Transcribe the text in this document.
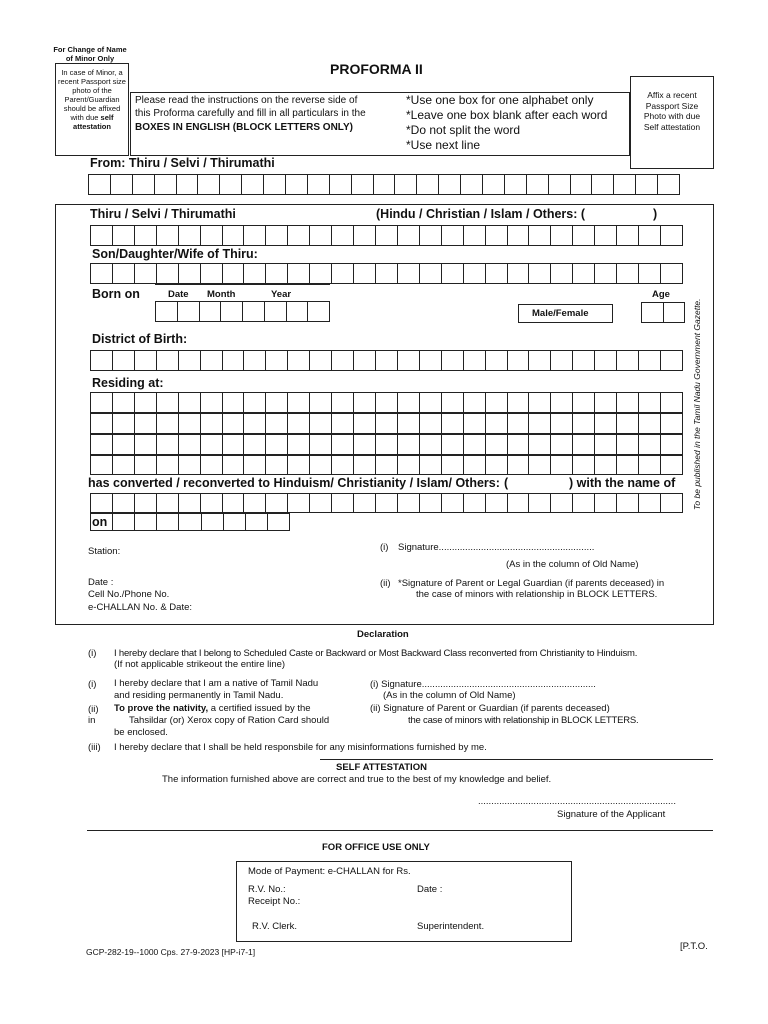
For Change of Name of Minor Only
In case of Minor, a recent Passport size photo of the Parent/Guardian should be affixed with due self attestation
PROFORMA II
Please read the instructions on the reverse side of
this Proforma carefully and fill in all particulars in the
BOXES IN ENGLISH (BLOCK LETTERS ONLY)
*Use one box for one alphabet only
*Leave one box blank after each word
*Do not split the word
*Use next line
Affix a recent Passport Size Photo with due Self attestation
From: Thiru / Selvi / Thirumathi
Thiru / Selvi / Thirumathi	(Hindu / Christian / Islam / Others: (	)
Son/Daughter/Wife of Thiru:
Born on	Date Month	Year	Age
Male/Female
District of Birth:
Residing at:
has converted / reconverted to Hinduism/ Christianity / Islam/ Others: (	) with the name of
on
To be published in the Tamil Nadu Government Gazette.
Station:	(i) Signature...........................................................
(As in the column of Old Name)
Date :	(ii) *Signature of Parent or Legal Guardian (if parents deceased) in
Cell No./Phone No.	the case of minors with relationship in BLOCK LETTERS.
e-CHALLAN No. & Date:
Declaration
(i) I hereby declare that I belong to Scheduled Caste or Backward or Most Backward Class reconverted from Christianity to Hinduism.
(If not applicable strikeout the entire line)
(i) I hereby declare that I am a native of Tamil Nadu
and residing permanently in Tamil Nadu.
(ii) To prove the nativity, a certified issued by the
in	Tahsildar (or) Xerox copy of Ration Card should
be enclosed.
(iii) I hereby declare that I shall be held responsbile for any misinformations furnished by me.
(i) Signature..................................................................
(As in the column of Old Name)
(ii) Signature of Parent or Guardian (if parents deceased)
the case of minors with relationship in BLOCK LETTERS.
SELF ATTESTATION
The information furnished above are correct and true to the best of my knowledge and belief.
...........................................................................
Signature of the Applicant
FOR OFFICE USE ONLY
Mode of Payment: e-CHALLAN for Rs.
R.V. No.:	Date :
Receipt No.:
R.V. Clerk.	Superintendent.
GCP-282-19--1000 Cps. 27-9-2023 [HP-i7-1]	[P.T.O.
